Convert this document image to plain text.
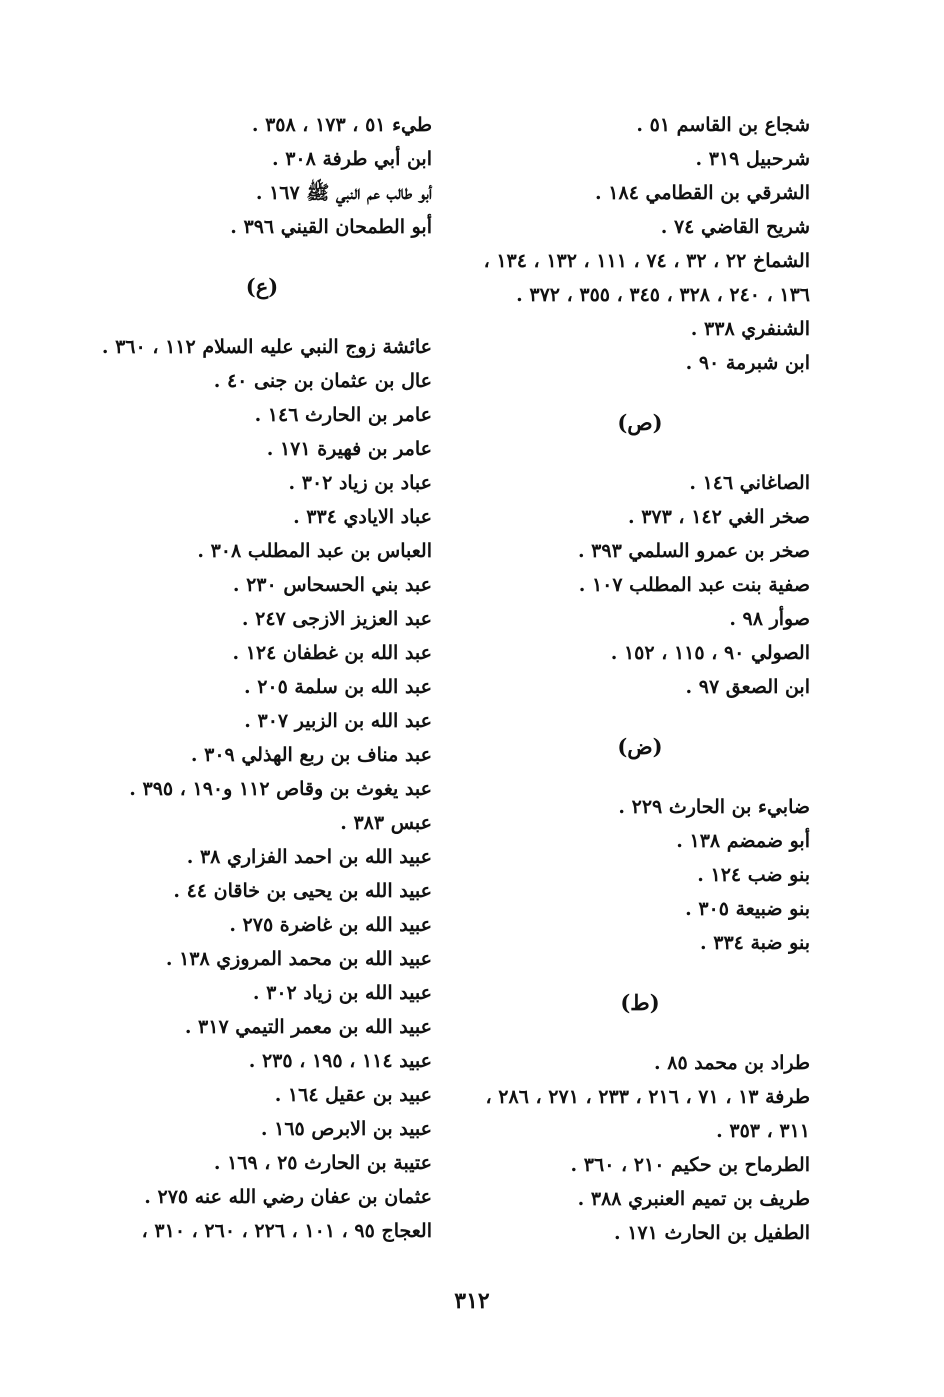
شجاع بن القاسم ٥١ .
شرحبيل ٣١٩ .
الشرقي بن القطامي ١٨٤ .
شريح القاضي ٧٤ .
الشماخ ٢٢ ، ٣٢ ، ٧٤ ، ١١١ ، ١٣٢ ، ١٣٤ ، ١٣٦ ، ٢٤٠ ، ٣٢٨ ، ٣٤٥ ، ٣٥٥ ، ٣٧٢ .
الشنفري ٣٣٨ .
ابن شبرمة ٩٠ .
(ص)
الصاغاني ١٤٦ .
صخر الغي ١٤٢ ، ٣٧٣ .
صخر بن عمرو السلمي ٣٩٣ .
صفية بنت عبد المطلب ١٠٧ .
صوأر ٩٨ .
الصولي ٩٠ ، ١١٥ ، ١٥٢ .
ابن الصعق ٩٧ .
(ض)
ضابيء بن الحارث ٢٢٩ .
أبو ضمضم ١٣٨ .
بنو ضب ١٢٤ .
بنو ضبيعة ٣٠٥ .
بنو ضبة ٣٣٤ .
(ط)
طراد بن محمد ٨٥ .
طرفة ١٣ ، ٧١ ، ٢١٦ ، ٢٣٣ ، ٢٧١ ، ٢٨٦ ، ٣١١ ، ٣٥٣ .
الطرماح بن حكيم ٢١٠ ، ٣٦٠ .
طريف بن تميم العنبري ٣٨٨ .
الطفيل بن الحارث ١٧١ .
طيء ٥١ ، ١٧٣ ، ٣٥٨ .
ابن أبي طرفة ٣٠٨ .
أبو طالب عم النبي ﷺ ١٦٧ .
أبو الطمحان القيني ٣٩٦ .
(ع)
عائشة زوج النبي عليه السلام ١١٢ ، ٣٦٠ .
عال بن عثمان بن جنى ٤٠ .
عامر بن الحارث ١٤٦ .
عامر بن فهيرة ١٧١ .
عباد بن زياد ٣٠٢ .
عباد الايادي ٣٣٤ .
العباس بن عبد المطلب ٣٠٨ .
عبد بني الحسحاس ٢٣٠ .
عبد العزيز الازجى ٢٤٧ .
عبد الله بن غطفان ١٢٤ .
عبد الله بن سلمة ٢٠٥ .
عبد الله بن الزبير ٣٠٧ .
عبد مناف بن ربع الهذلي ٣٠٩ .
عبد يغوث بن وقاص ١١٢ و١٩٠ ، ٣٩٥ .
عبس ٣٨٣ .
عبيد الله بن احمد الفزاري ٣٨ .
عبيد الله بن يحيى بن خاقان ٤٤ .
عبيد الله بن غاضرة ٢٧٥ .
عبيد الله بن محمد المروزي ١٣٨ .
عبيد الله بن زياد ٣٠٢ .
عبيد الله بن معمر التيمي ٣١٧ .
عبيد ١١٤ ، ١٩٥ ، ٢٣٥ .
عبيد بن عقيل ١٦٤ .
عبيد بن الابرص ١٦٥ .
عتيبة بن الحارث ٢٥ ، ١٦٩ .
عثمان بن عفان رضي الله عنه ٢٧٥ .
العجاج ٩٥ ، ١٠١ ، ٢٢٦ ، ٢٦٠ ، ٣١٠ ،
٣١٢
